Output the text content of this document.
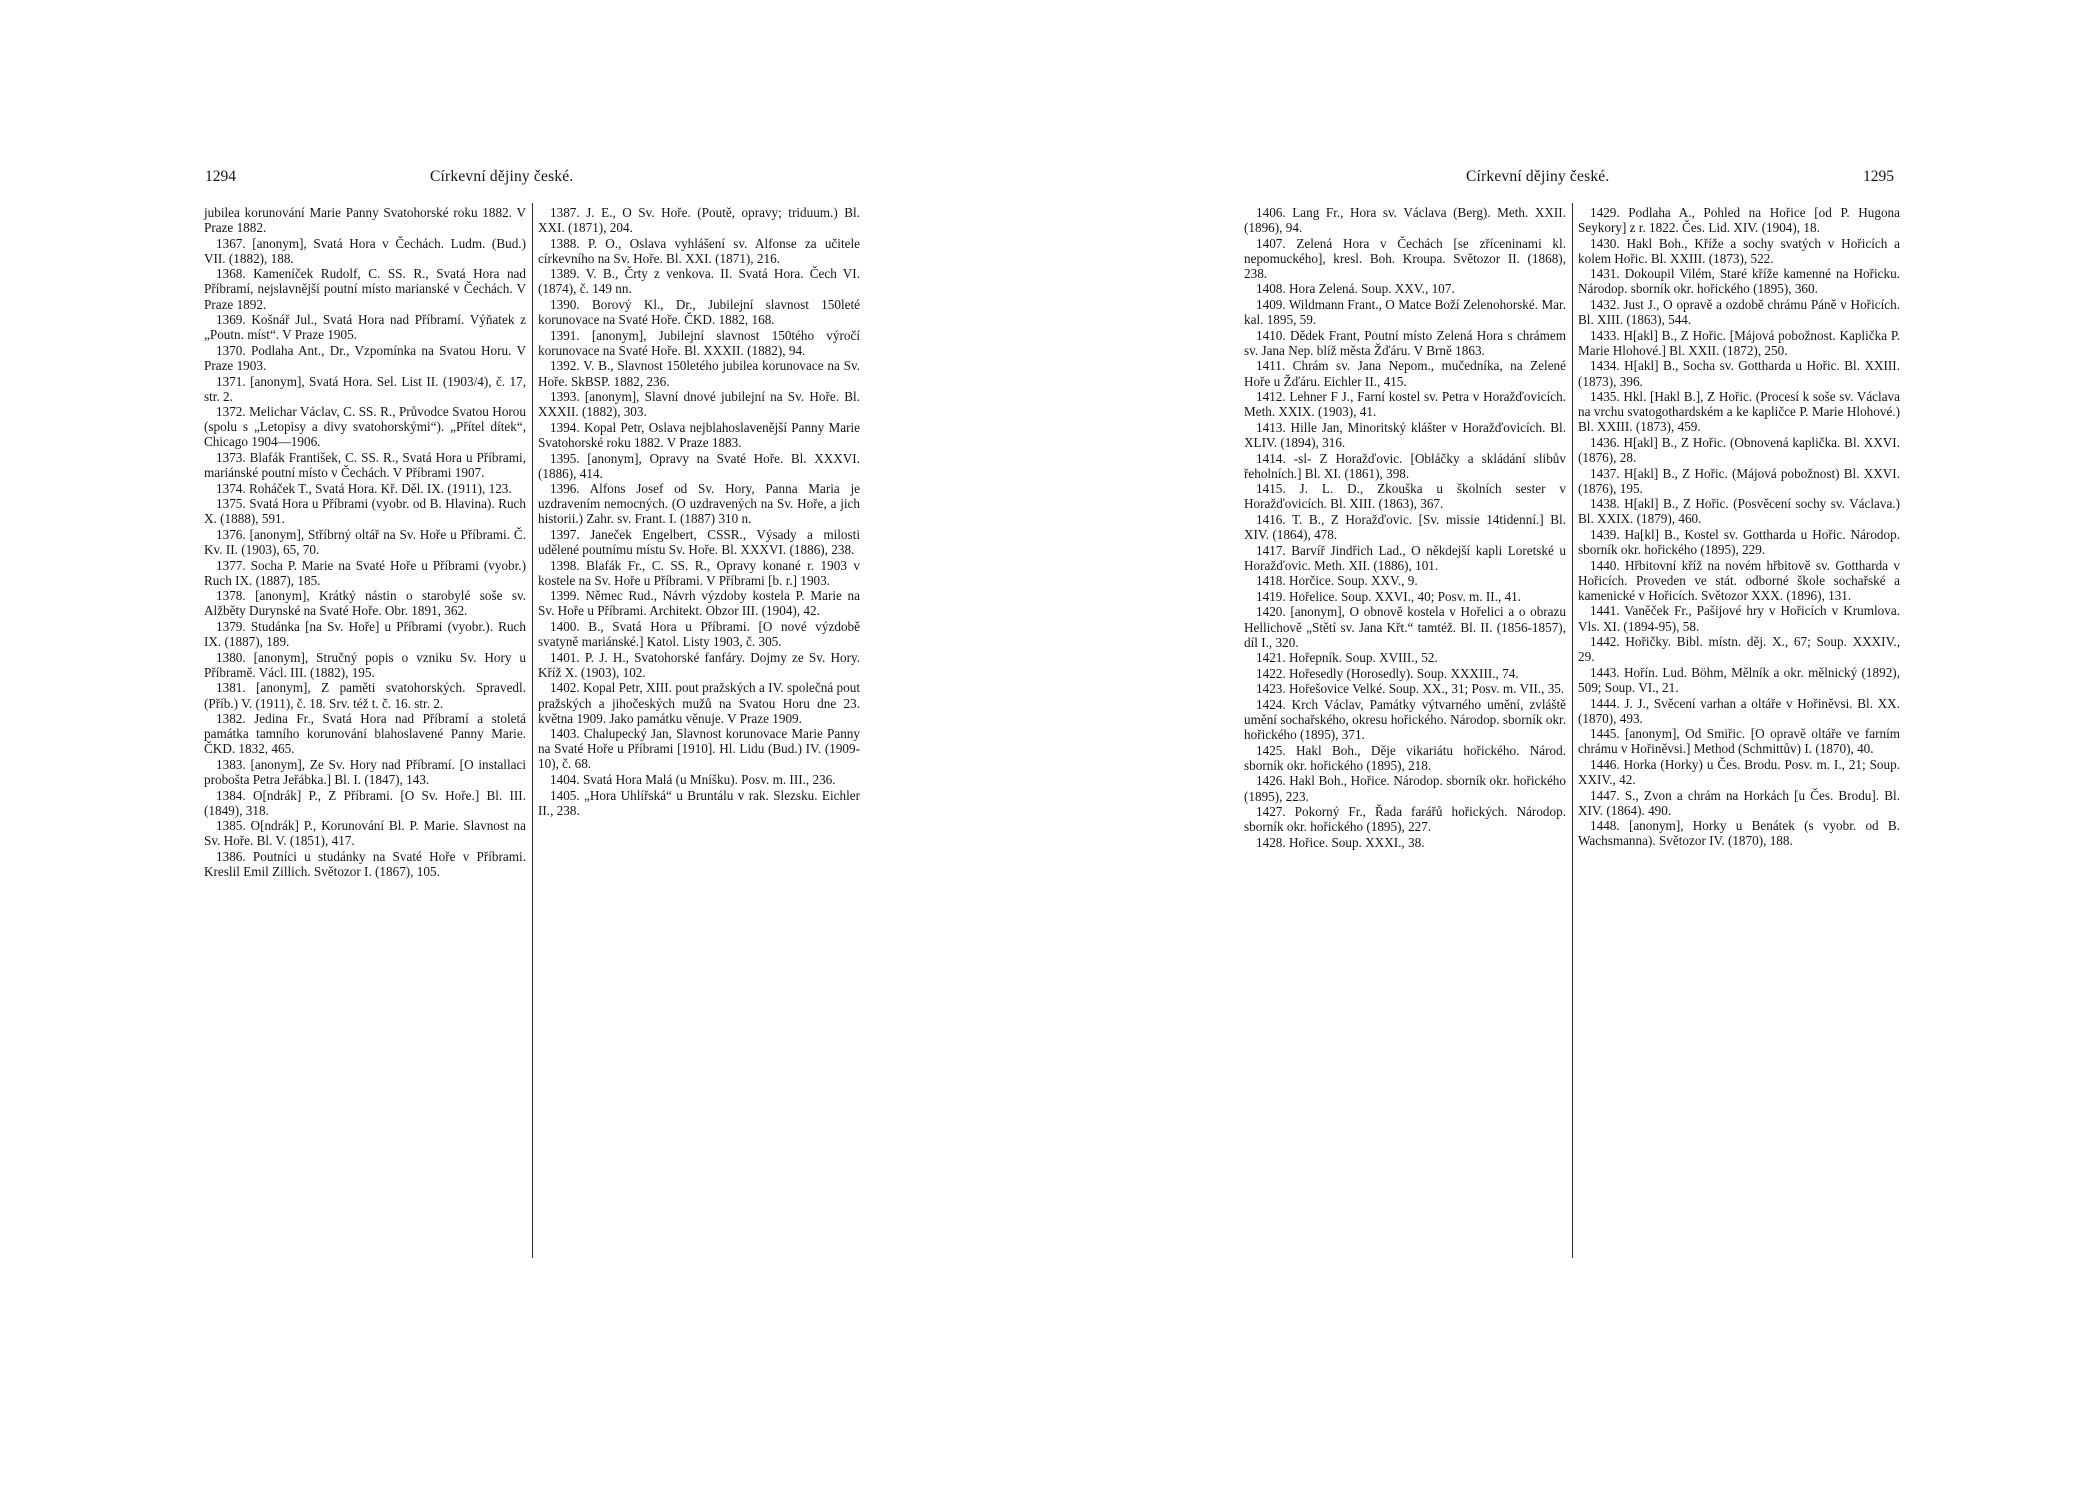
1294	Církevní dějiny české.

jubilea korunování Marie Panny Svatohorské roku 1882. V Praze 1882.

1367. [anonym], Svatá Hora v Čechách. Ludm. (Bud.) VII. (1882), 188.

1368. Kameníček Rudolf, C. SS. R., Svatá Hora nad Příbramí, nejslavnější poutní místo marianské v Čechách. V Praze 1892.

1369. Košnář Jul., Svatá Hora nad Příbramí. Výňatek z „Poutn. míst“. V Praze 1905.

1370. Podlaha Ant., Dr., Vzpomínka na Svatou Horu. V Praze 1903.

1371. [anonym], Svatá Hora. Sel. List II. (1903/4), č. 17, str. 2.

1372. Melichar Václav, C. SS. R., Průvodce Svatou Horou (spolu s „Letopisy a divy svatohorskými“). „Přítel dítek“, Chicago 1904—1906.

1373. Blafák František, C. SS. R., Svatá Hora u Příbrami, mariánské poutní místo v Čechách. V Příbrami 1907.

1374. Roháček T., Svatá Hora. Kř. Děl. IX. (1911), 123.

1375. Svatá Hora u Příbrami (vyobr. od B. Hlavina). Ruch X. (1888), 591.

1376. [anonym], Stříbrný oltář na Sv. Hoře u Příbrami. Č. Kv. II. (1903), 65, 70.

1377. Socha P. Marie na Svaté Hoře u Příbrami (vyobr.) Ruch IX. (1887), 185.

1378. [anonym], Krátký nástin o starobylé soše sv. Alžběty Durynské na Svaté Hoře. Obr. 1891, 362.

1379. Studánka [na Sv. Hoře] u Příbrami (vyobr.). Ruch IX. (1887), 189.

1380. [anonym], Stručný popis o vzniku Sv. Hory u Příbramě. Václ. III. (1882), 195.

1381. [anonym], Z paměti svatohorských. Spravedl. (Příb.) V. (1911), č. 18. Srv. též t. č. 16. str. 2.

1382. Jedina Fr., Svatá Hora nad Příbramí a stoletá památka tamního korunování blahoslavené Panny Marie. ČKD. 1832, 465.

1383. [anonym], Ze Sv. Hory nad Příbramí. [O installaci probošta Petra Jeřábka.] Bl. I. (1847), 143.

1384. O[ndrák] P., Z Příbrami. [O Sv. Hoře.] Bl. III. (1849), 318.

1385. O[ndrák] P., Korunování Bl. P. Marie. Slavnost na Sv. Hoře. Bl. V. (1851), 417.

1386. Poutníci u studánky na Svaté Hoře v Příbrami. Kreslil Emil Zillich. Světozor I. (1867), 105.

1387. J. E., O Sv. Hoře. (Poutě, opravy; triduum.) Bl. XXI. (1871), 204.

1388. P. O., Oslava vyhlášení sv. Alfonse za učitele církevního na Sv. Hoře. Bl. XXI. (1871), 216.

1389. V. B., Črty z venkova. II. Svatá Hora. Čech VI. (1874), č. 149 nn.

1390. Borový Kl., Dr., Jubilejní slavnost 150leté korunovace na Svaté Hoře. ČKD. 1882, 168.

1391. [anonym], Jubilejní slavnost 150tého výročí korunovace na Svaté Hoře. Bl. XXXII. (1882), 94.

1392. V. B., Slavnost 150letého jubilea korunovace na Sv. Hoře. SkBSP. 1882, 236.

1393. [anonym], Slavní dnové jubilejní na Sv. Hoře. Bl. XXXII. (1882), 303.

1394. Kopal Petr, Oslava nejblahoslavenější Panny Marie Svatohorské roku 1882. V Praze 1883.

1395. [anonym], Opravy na Svaté Hoře. Bl. XXXVI. (1886), 414.

1396. Alfons Josef od Sv. Hory, Panna Maria je uzdravením nemocných. (O uzdravených na Sv. Hoře, a jich historii.) Zahr. sv. Frant. I. (1887) 310 n.

1397. Janeček Engelbert, CSSR., Výsady a milosti udělené poutnímu místu Sv. Hoře. Bl. XXXVI. (1886), 238.

1398. Blafák Fr., C. SS. R., Opravy konané r. 1903 v kostele na Sv. Hoře u Příbrami. V Příbrami [b. r.] 1903.

1399. Němec Rud., Návrh výzdoby kostela P. Marie na Sv. Hoře u Příbrami. Architekt. Obzor III. (1904), 42.

1400. B., Svatá Hora u Příbrami. [O nové výzdobě svatyně mariánské.] Katol. Listy 1903, č. 305.

1401. P. J. H., Svatohorské fanfáry. Dojmy ze Sv. Hory. Kříž X. (1903), 102.

1402. Kopal Petr, XIII. pout pražských a IV. společná pout pražských a jihočeských mužů na Svatou Horu dne 23. května 1909. Jako památku věnuje. V Praze 1909.

1403. Chalupecký Jan, Slavnost korunovace Marie Panny na Svaté Hoře u Příbrami [1910]. Hl. Lidu (Bud.) IV. (1909-10), č. 68.

1404. Svatá Hora Malá (u Mníšku). Posv. m. III., 236.

1405. „Hora Uhlířská“ u Bruntálu v rak. Slezsku. Eichler II., 238.

Církevní dějiny české.	1295

1406. Lang Fr., Hora sv. Václava (Berg). Meth. XXII. (1896), 94.

1407. Zelená Hora v Čechách [se zříceninami kl. nepomuckého], kresl. Boh. Kroupa. Světozor II. (1868), 238.

1408. Hora Zelená. Soup. XXV., 107.

1409. Wildmann Frant., O Matce Boží Zelenohorské. Mar. kal. 1895, 59.

1410. Dědek Frant, Poutní místo Zelená Hora s chrámem sv. Jana Nep. blíž města Žďáru. V Brně 1863.

1411. Chrám sv. Jana Nepom., mučedníka, na Zelené Hoře u Žďáru. Eichler II., 415.

1412. Lehner F J., Farní kostel sv. Petra v Horažďovicích. Meth. XXIX. (1903), 41.

1413. Hille Jan, Minoritský klášter v Horažďovicích. Bl. XLIV. (1894), 316.

1414. -sl- Z Horažďovic. [Obláčky a skládání slibův řeholních.] Bl. XI. (1861), 398.

1415. J. L. D., Zkouška u školních sester v Horažďovicích. Bl. XIII. (1863), 367.

1416. T. B., Z Horažďovic. [Sv. missie 14tidenní.] Bl. XIV. (1864), 478.

1417. Barvíř Jindřich Lad., O někdejší kapli Loretské u Horažďovic. Meth. XII. (1886), 101.

1418. Horčice. Soup. XXV., 9.

1419. Hořelice. Soup. XXVI., 40; Posv. m. II., 41.

1420. [anonym], O obnově kostela v Hořelici a o obrazu Hellichově „Stětí sv. Jana Křt.“ tamtéž. Bl. II. (1856-1857), díl I., 320.

1421. Hořepník. Soup. XVIII., 52.

1422. Hořesedly (Horosedly). Soup. XXXIII., 74.

1423. Hořešovice Velké. Soup. XX., 31; Posv. m. VII., 35.

1424. Krch Václav, Památky výtvarného umění, zvláště umění sochařského, okresu hořického. Národop. sborník okr. hořického (1895), 371.

1425. Hakl Boh., Děje vikariátu hořického. Národ. sborník okr. hořického (1895), 218.

1426. Hakl Boh., Hořice. Národop. sborník okr. hořického (1895), 223.

1427. Pokorný Fr., Řada farářů hořických. Národop. sborník okr. hořického (1895), 227.

1428. Hořice. Soup. XXXI., 38.

1429. Podlaha A., Pohled na Hořice [od P. Hugona Seykory] z r. 1822. Čes. Lid. XIV. (1904), 18.

1430. Hakl Boh., Kříže a sochy svatých v Hořicích a kolem Hořic. Bl. XXIII. (1873), 522.

1431. Dokoupil Vilém, Staré kříže kamenné na Hořicku. Národop. sborník okr. hořického (1895), 360.

1432. Just J., O opravě a ozdobě chrámu Páně v Hořicích. Bl. XIII. (1863), 544.

1433. H[akl] B., Z Hořic. [Májová pobožnost. Kaplička P. Marie Hlohové.] Bl. XXII. (1872), 250.

1434. H[akl] B., Socha sv. Gottharda u Hořic. Bl. XXIII. (1873), 396.

1435. Hkl. [Hakl B.], Z Hořic. (Procesí k soše sv. Václava na vrchu svatogothardském a ke kapličce P. Marie Hlohové.) Bl. XXIII. (1873), 459.

1436. H[akl] B., Z Hořic. (Obnovená kaplička. Bl. XXVI. (1876), 28.

1437. H[akl] B., Z Hořic. (Májová pobožnost) Bl. XXVI. (1876), 195.

1438. H[akl] B., Z Hořic. (Posvěcení sochy sv. Václava.) Bl. XXIX. (1879), 460.

1439. Ha[kl] B., Kostel sv. Gottharda u Hořic. Národop. sborník okr. hořického (1895), 229.

1440. Hřbitovní kříž na novém hřbitově sv. Gottharda v Hořicích. Proveden ve stát. odborné škole sochařské a kamenické v Hořicích. Světozor XXX. (1896), 131.

1441. Vaněček Fr., Pašijové hry v Hořicích v Krumlova. Vls. XI. (1894-95), 58.

1442. Hořičky. Bibl. místn. děj. X., 67; Soup. XXXIV., 29.

1443. Hořín. Lud. Böhm, Mělník a okr. mělnický (1892), 509; Soup. VI., 21.

1444. J. J., Svěcení varhan a oltáře v Hořiněvsi. Bl. XX. (1870), 493.

1445. [anonym], Od Smiřic. [O opravě oltáře ve farním chrámu v Hořiněvsi.] Method (Schmittův) I. (1870), 40.

1446. Horka (Horky) u Čes. Brodu. Posv. m. I., 21; Soup. XXIV., 42.

1447. S., Zvon a chrám na Horkách [u Čes. Brodu]. Bl. XIV. (1864). 490.

1448. [anonym], Horky u Benátek (s vyobr. od B. Wachsmanna). Světozor IV. (1870), 188.
